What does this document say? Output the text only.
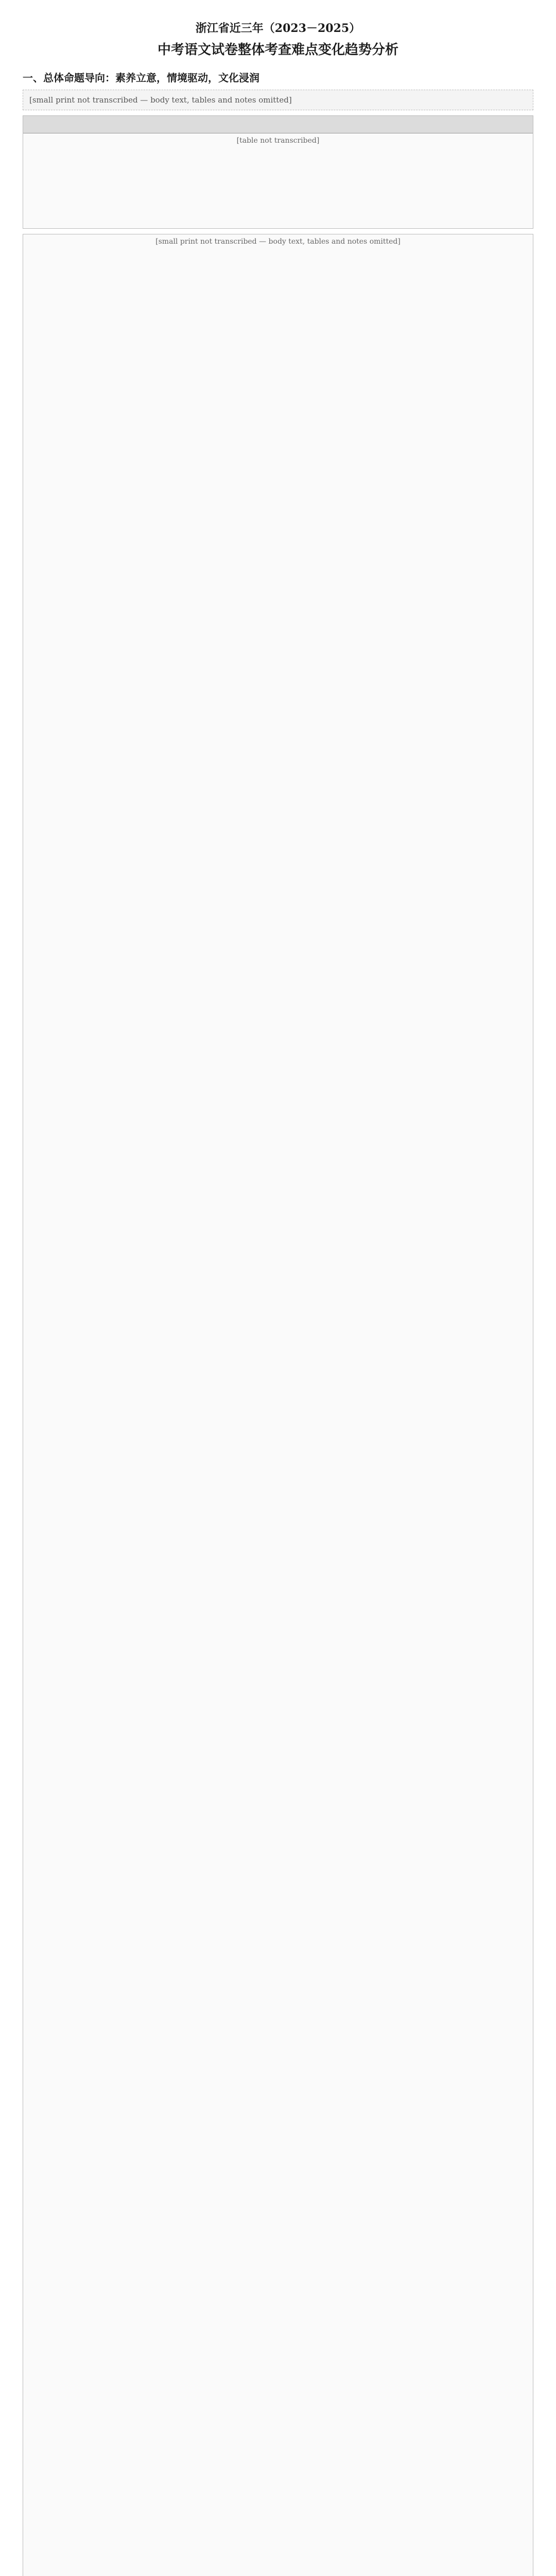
浙江省近三年（2023－2025）
中考语文试卷整体考查难点变化趋势分析
一、总体命题导向：素养立意，情境驱动，文化浸润
[small print not transcribed — body text, tables and notes omitted]
[table not transcribed]
[small print not transcribed — body text, tables and notes omitted]
